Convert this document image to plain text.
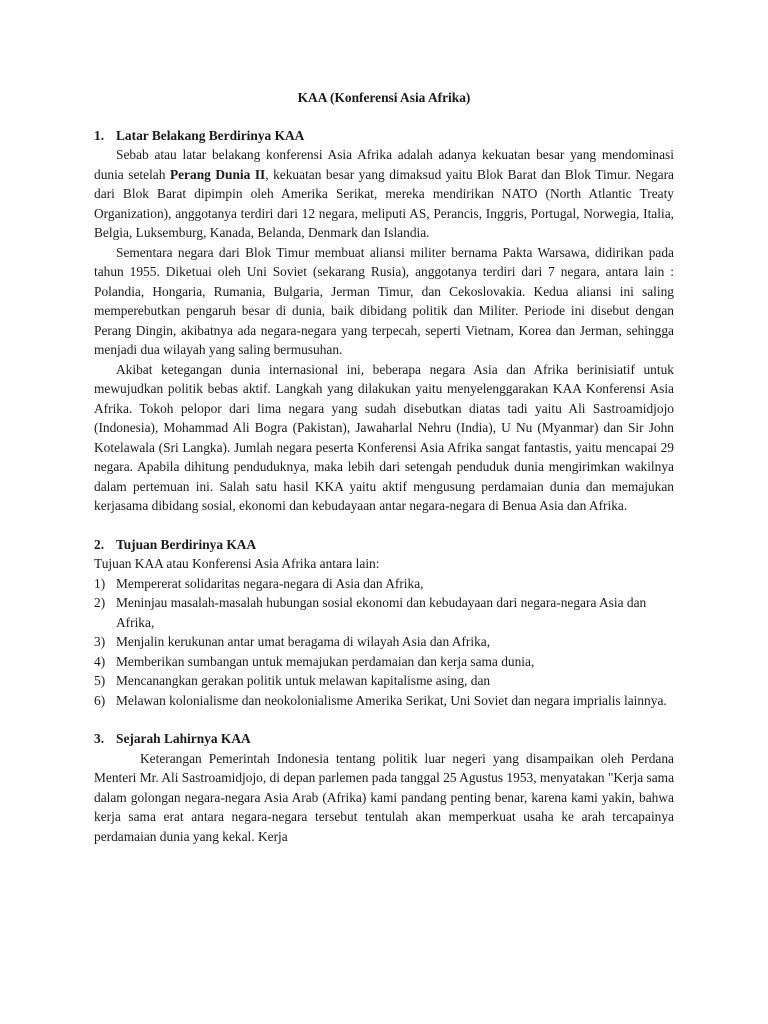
KAA (Konferensi Asia Afrika)

1. Latar Belakang Berdirinya KAA

Sebab atau latar belakang konferensi Asia Afrika adalah adanya kekuatan besar yang mendominasi dunia setelah Perang Dunia II, kekuatan besar yang dimaksud yaitu Blok Barat dan Blok Timur. Negara dari Blok Barat dipimpin oleh Amerika Serikat, mereka mendirikan NATO (North Atlantic Treaty Organization), anggotanya terdiri dari 12 negara, meliputi AS, Perancis, Inggris, Portugal, Norwegia, Italia, Belgia, Luksemburg, Kanada, Belanda, Denmark dan Islandia.

Sementara negara dari Blok Timur membuat aliansi militer bernama Pakta Warsawa, didirikan pada tahun 1955. Diketuai oleh Uni Soviet (sekarang Rusia), anggotanya terdiri dari 7 negara, antara lain : Polandia, Hongaria, Rumania, Bulgaria, Jerman Timur, dan Cekoslovakia. Kedua aliansi ini saling memperebutkan pengaruh besar di dunia, baik dibidang politik dan Militer. Periode ini disebut dengan Perang Dingin, akibatnya ada negara-negara yang terpecah, seperti Vietnam, Korea dan Jerman, sehingga menjadi dua wilayah yang saling bermusuhan.

Akibat ketegangan dunia internasional ini, beberapa negara Asia dan Afrika berinisiatif untuk mewujudkan politik bebas aktif. Langkah yang dilakukan yaitu menyelenggarakan KAA Konferensi Asia Afrika. Tokoh pelopor dari lima negara yang sudah disebutkan diatas tadi yaitu Ali Sastroamidjojo (Indonesia), Mohammad Ali Bogra (Pakistan), Jawaharlal Nehru (India), U Nu (Myanmar) dan Sir John Kotelawala (Sri Langka). Jumlah negara peserta Konferensi Asia Afrika sangat fantastis, yaitu mencapai 29 negara. Apabila dihitung penduduknya, maka lebih dari setengah penduduk dunia mengirimkan wakilnya dalam pertemuan ini. Salah satu hasil KKA yaitu aktif mengusung perdamaian dunia dan memajukan kerjasama dibidang sosial, ekonomi dan kebudayaan antar negara-negara di Benua Asia dan Afrika.

2. Tujuan Berdirinya KAA

Tujuan KAA atau Konferensi Asia Afrika antara lain:

1) Mempererat solidaritas negara-negara di Asia dan Afrika,
2) Meninjau masalah-masalah hubungan sosial ekonomi dan kebudayaan dari negara-negara Asia dan Afrika,
3) Menjalin kerukunan antar umat beragama di wilayah Asia dan Afrika,
4) Memberikan sumbangan untuk memajukan perdamaian dan kerja sama dunia,
5) Mencanangkan gerakan politik untuk melawan kapitalisme asing, dan
6) Melawan kolonialisme dan neokolonialisme Amerika Serikat, Uni Soviet dan negara imprialis lainnya.
3. Sejarah Lahirnya KAA

Keterangan Pemerintah Indonesia tentang politik luar negeri yang disampaikan oleh Perdana Menteri Mr. Ali Sastroamidjojo, di depan parlemen pada tanggal 25 Agustus 1953, menyatakan "Kerja sama dalam golongan negara-negara Asia Arab (Afrika) kami pandang penting benar, karena kami yakin, bahwa kerja sama erat antara negara-negara tersebut tentulah akan memperkuat usaha ke arah tercapainya perdamaian dunia yang kekal. Kerja
